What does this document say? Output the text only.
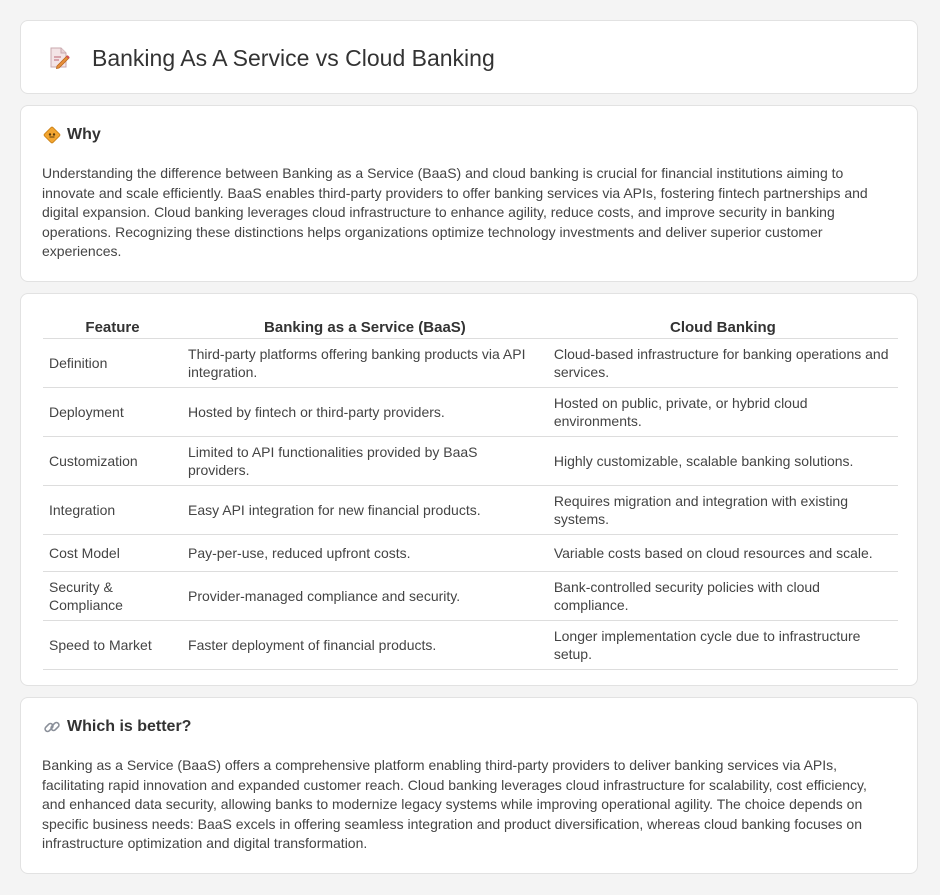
Banking As A Service vs Cloud Banking
Why

Understanding the difference between Banking as a Service (BaaS) and cloud banking is crucial for financial institutions aiming to innovate and scale efficiently. BaaS enables third-party providers to offer banking services via APIs, fostering fintech partnerships and digital expansion. Cloud banking leverages cloud infrastructure to enhance agility, reduce costs, and improve security in banking operations. Recognizing these distinctions helps organizations optimize technology investments and deliver superior customer experiences.

Feature	Banking as a Service (BaaS)	Cloud Banking
Definition	Third-party platforms offering banking products via API integration.	Cloud-based infrastructure for banking operations and services.
Deployment	Hosted by fintech or third-party providers.	Hosted on public, private, or hybrid cloud environments.
Customization	Limited to API functionalities provided by BaaS providers.	Highly customizable, scalable banking solutions.
Integration	Easy API integration for new financial products.	Requires migration and integration with existing systems.
Cost Model	Pay-per-use, reduced upfront costs.	Variable costs based on cloud resources and scale.
Security & Compliance	Provider-managed compliance and security.	Bank-controlled security policies with cloud compliance.
Speed to Market	Faster deployment of financial products.	Longer implementation cycle due to infrastructure setup.
Which is better?

Banking as a Service (BaaS) offers a comprehensive platform enabling third-party providers to deliver banking services via APIs, facilitating rapid innovation and expanded customer reach. Cloud banking leverages cloud infrastructure for scalability, cost efficiency, and enhanced data security, allowing banks to modernize legacy systems while improving operational agility. The choice depends on specific business needs: BaaS excels in offering seamless integration and product diversification, whereas cloud banking focuses on infrastructure optimization and digital transformation.
